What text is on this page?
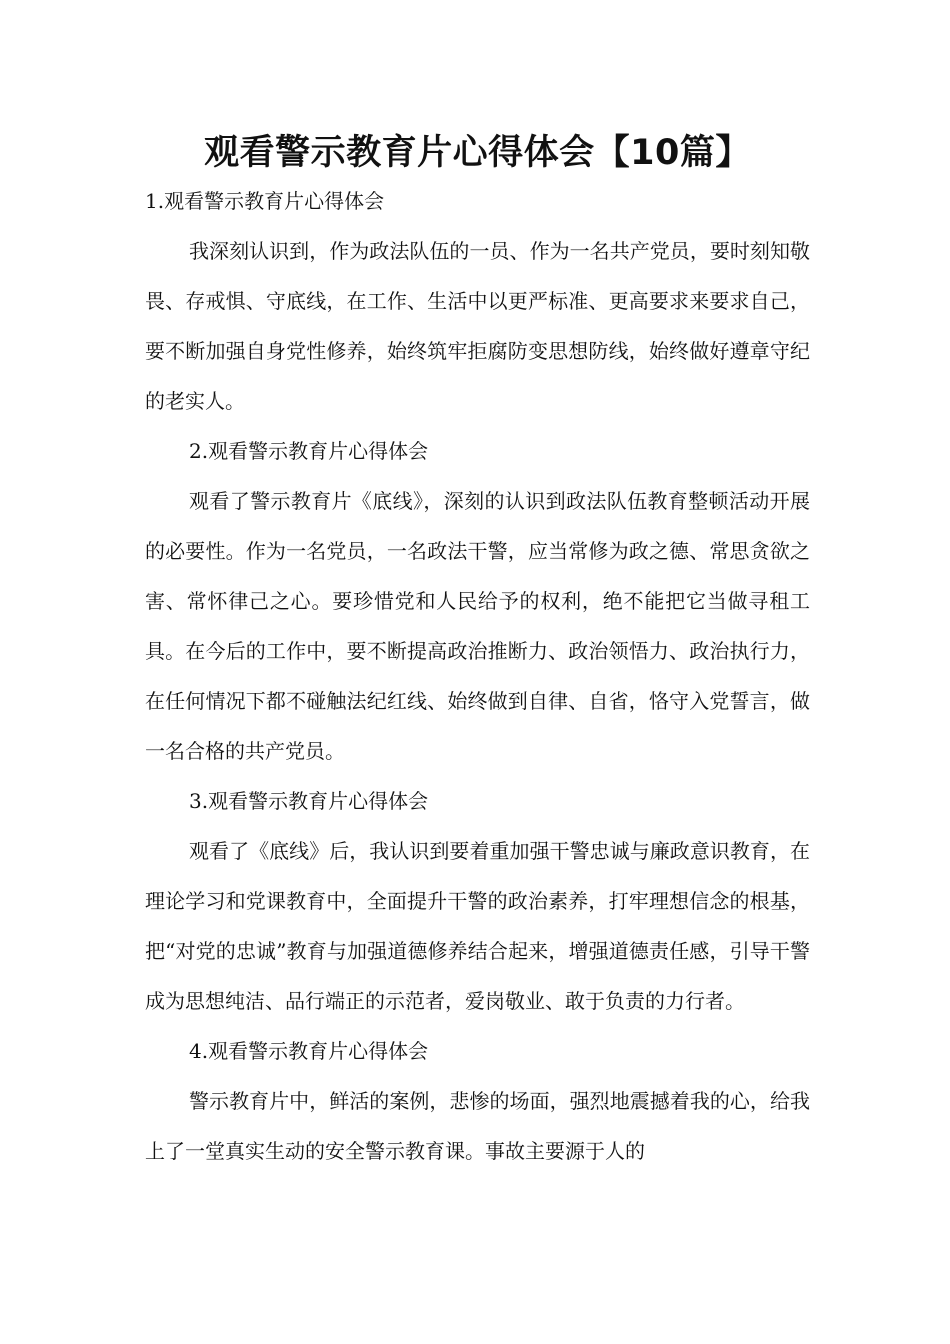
观看警示教育片心得体会【10篇】
1.观看警示教育片心得体会

我深刻认识到，作为政法队伍的一员、作为一名共产党员，要时刻知敬畏、存戒惧、守底线，在工作、生活中以更严标准、更高要求来要求自己，要不断加强自身党性修养，始终筑牢拒腐防变思想防线，始终做好遵章守纪的老实人。

2.观看警示教育片心得体会

观看了警示教育片《底线》，深刻的认识到政法队伍教育整顿活动开展的必要性。作为一名党员，一名政法干警，应当常修为政之德、常思贪欲之害、常怀律己之心。要珍惜党和人民给予的权利，绝不能把它当做寻租工具。在今后的工作中，要不断提高政治推断力、政治领悟力、政治执行力，在任何情况下都不碰触法纪红线、始终做到自律、自省，恪守入党誓言，做一名合格的共产党员。

3.观看警示教育片心得体会

观看了《底线》后，我认识到要着重加强干警忠诚与廉政意识教育，在理论学习和党课教育中，全面提升干警的政治素养，打牢理想信念的根基，把“对党的忠诚”教育与加强道德修养结合起来，增强道德责任感，引导干警成为思想纯洁、品行端正的示范者，爱岗敬业、敢于负责的力行者。

4.观看警示教育片心得体会

警示教育片中，鲜活的案例，悲惨的场面，强烈地震撼着我的心，给我上了一堂真实生动的安全警示教育课。事故主要源于人的
